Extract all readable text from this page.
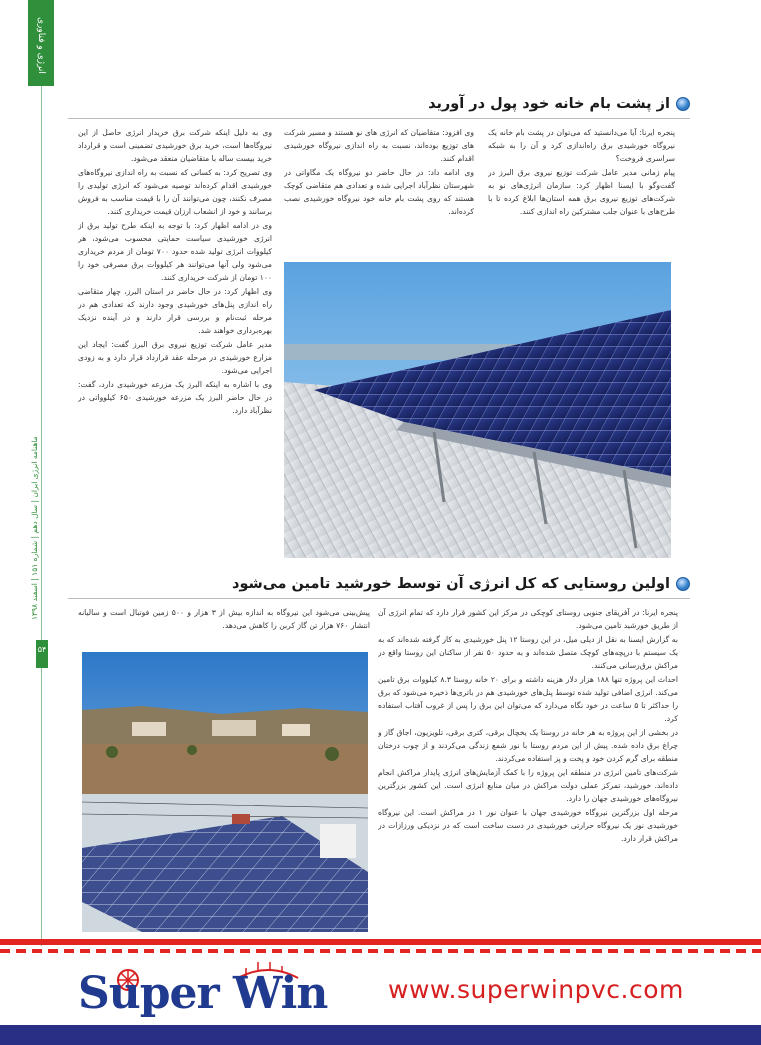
انرژی و فناوری
ماهنامه انرژی ایران | سال دهم | شماره ۱۵۱ | اسفند ۱۳۹۸
۵۴
از پشت بام خانه خود پول در آورید

پنجره ایرنا: آیا می‌دانستید که می‌توان در پشت بام خانه یک نیروگاه خورشیدی برق راه‌اندازی کرد و آن را به شبکه سراسری فروخت؟

پیام زمانی مدیر عامل شرکت توزیع نیروی برق البرز در گفت‌وگو با ایسنا اظهار کرد: سازمان انرژی‌های نو به شرکت‌های توزیع نیروی برق همه استان‌ها ابلاغ کرده تا با طرح‌های با عنوان جلب مشترکین راه اندازی کنند.

وی افزود: متقاضیان که انرژی های نو هستند و مسیر شرکت های توزیع بوده‌اند، نسبت به راه اندازی نیروگاه خورشیدی اقدام کنند.

وی ادامه داد: در حال حاضر دو نیروگاه یک مگاواتی در شهرستان نظرآباد اجرایی شده و تعدادی هم متقاضی کوچک هستند که روی پشت بام خانه خود نیروگاه خورشیدی نصب کرده‌اند.

وی به دلیل اینکه شرکت برق خریدار انرژی حاصل از این نیروگاه‌ها است، خرید برق خورشیدی تضمینی است و قرارداد خرید بیست ساله با متقاضیان منعقد می‌شود.

وی تصریح کرد: به کسانی که نسبت به راه اندازی نیروگاه‌های خورشیدی اقدام کرده‌اند توصیه می‌شود که انرژی تولیدی را مصرف نکنند، چون می‌توانند آن را با قیمت مناسب به فروش برسانند و خود از انشعاب ارزان قیمت خریداری کنند.

وی در ادامه اظهار کرد: با توجه به اینکه طرح تولید برق از انرژی خورشیدی سیاست حمایتی محسوب می‌شود، هر کیلووات انرژی تولید شده حدود ۷۰۰ تومان از مردم خریداری می‌شود ولی آنها می‌توانند هر کیلووات برق مصرفی خود را ۱۰۰ تومان از شرکت خریداری کنند.

وی اظهار کرد: در حال حاضر در استان البرز، چهار متقاضی راه اندازی پنل‌های خورشیدی وجود دارند که تعدادی هم در مرحله ثبت‌نام و بررسی قرار دارند و در آینده نزدیک بهره‌برداری خواهند شد.

مدیر عامل شرکت توزیع نیروی برق البرز گفت: ایجاد این مزارع خورشیدی در مرحله عقد قرارداد قرار دارد و به زودی اجرایی می‌شود.

وی با اشاره به اینکه البرز یک مزرعه خورشیدی دارد، گفت: در حال حاضر البرز یک مزرعه خورشیدی ۶۵۰ کیلوواتی در نظرآباد دارد.

اولین روستایی که کل انرژی آن توسط خورشید تامین می‌شود

پیش‌بینی می‌شود این نیروگاه به اندازه بیش از ۳ هزار و ۵۰۰ زمین فوتبال است و سالیانه انتشار ۷۶۰ هزار تن گاز کربن را کاهش می‌دهد.

پنجره ایرنا: در آفریقای جنوبی روستای کوچکی در مرکز این کشور قرار دارد که تمام انرژی آن از طریق خورشید تامین می‌شود.

به گزارش ایسنا به نقل از دیلی میل، در این روستا ۱۲ پنل خورشیدی به کار گرفته شده‌اند که به یک سیستم با درپچه‌های کوچک متصل شده‌اند و به حدود ۵۰ نفر از ساکنان این روستا واقع در مراکش برق‌رسانی می‌کنند.

احداث این پروژه تنها ۱۸۸ هزار دلار هزینه داشته و برای ۲۰ خانه روستا ۸.۳ کیلووات برق تامین می‌کند. انرژی اضافی تولید شده توسط پنل‌های خورشیدی هم در باتری‌ها ذخیره می‌شود که برق را حداکثر تا ۵ ساعت در خود نگاه می‌دارد که می‌توان این برق را پس از غروب آفتاب استفاده کرد.

در بخشی از این پروژه به هر خانه در روستا یک یخچال برقی، کتری برقی، تلویزیون، اجاق گاز و چراغ برق داده شده. پیش از این مردم روستا با نور شمع زندگی می‌کردند و از چوب درختان منطقه برای گرم کردن خود و پخت و پز استفاده می‌کردند.

شرکت‌های تامین انرژی در منطقه این پروژه را با کمک آزمایش‌های انرژی پایدار مراکش انجام داده‌اند. خورشید، تمرکز عملی دولت مراکش در میان منابع انرژی است. این کشور بزرگترین نیروگاه‌های خورشیدی جهان را دارد.

مرحله اول بزرگترین نیروگاه خورشیدی جهان با عنوان نور ۱ در مراکش است. این نیروگاه خورشیدی نور یک نیروگاه حرارتی خورشیدی در دست ساخت است که در نزدیکی ورزازات در مراکش قرار دارد.

Super Win www.superwinpvc.com
